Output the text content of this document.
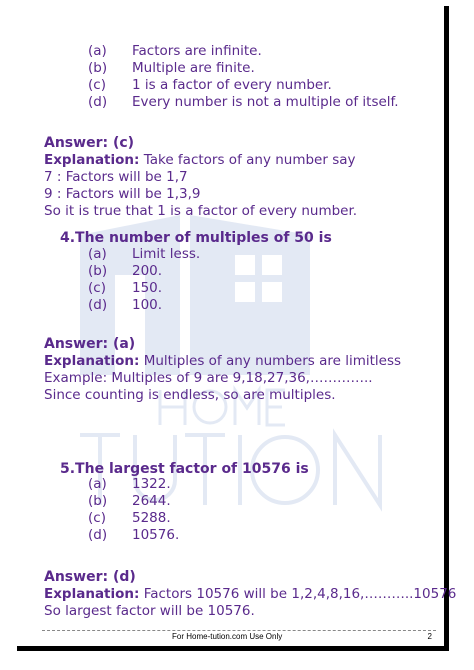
(a)	Factors are infinite.
(b)	Multiple are finite.
(c)	1 is a factor of every number.
(d)	Every number is not a multiple of itself.
Answer: (c)
Explanation: Take factors of any number say
7 : Factors will be 1,7
9 : Factors will be 1,3,9
So it is true that 1 is a factor of every number.
4.The number of multiples of 50 is
(a)	Limit less.
(b)	200.
(c)	150.
(d)	100.
Answer: (a)
Explanation: Multiples of any numbers are limitless
Example: Multiples of 9 are 9,18,27,36,…………..
Since counting is endless, so are multiples.
5.The largest factor of 10576 is
(a)	1322.
(b)	2644.
(c)	5288.
(d)	10576.
Answer: (d)
Explanation: Factors 10576 will be 1,2,4,8,16,………..10576
So largest factor will be 10576.
For Home-tution.com Use Only	2
